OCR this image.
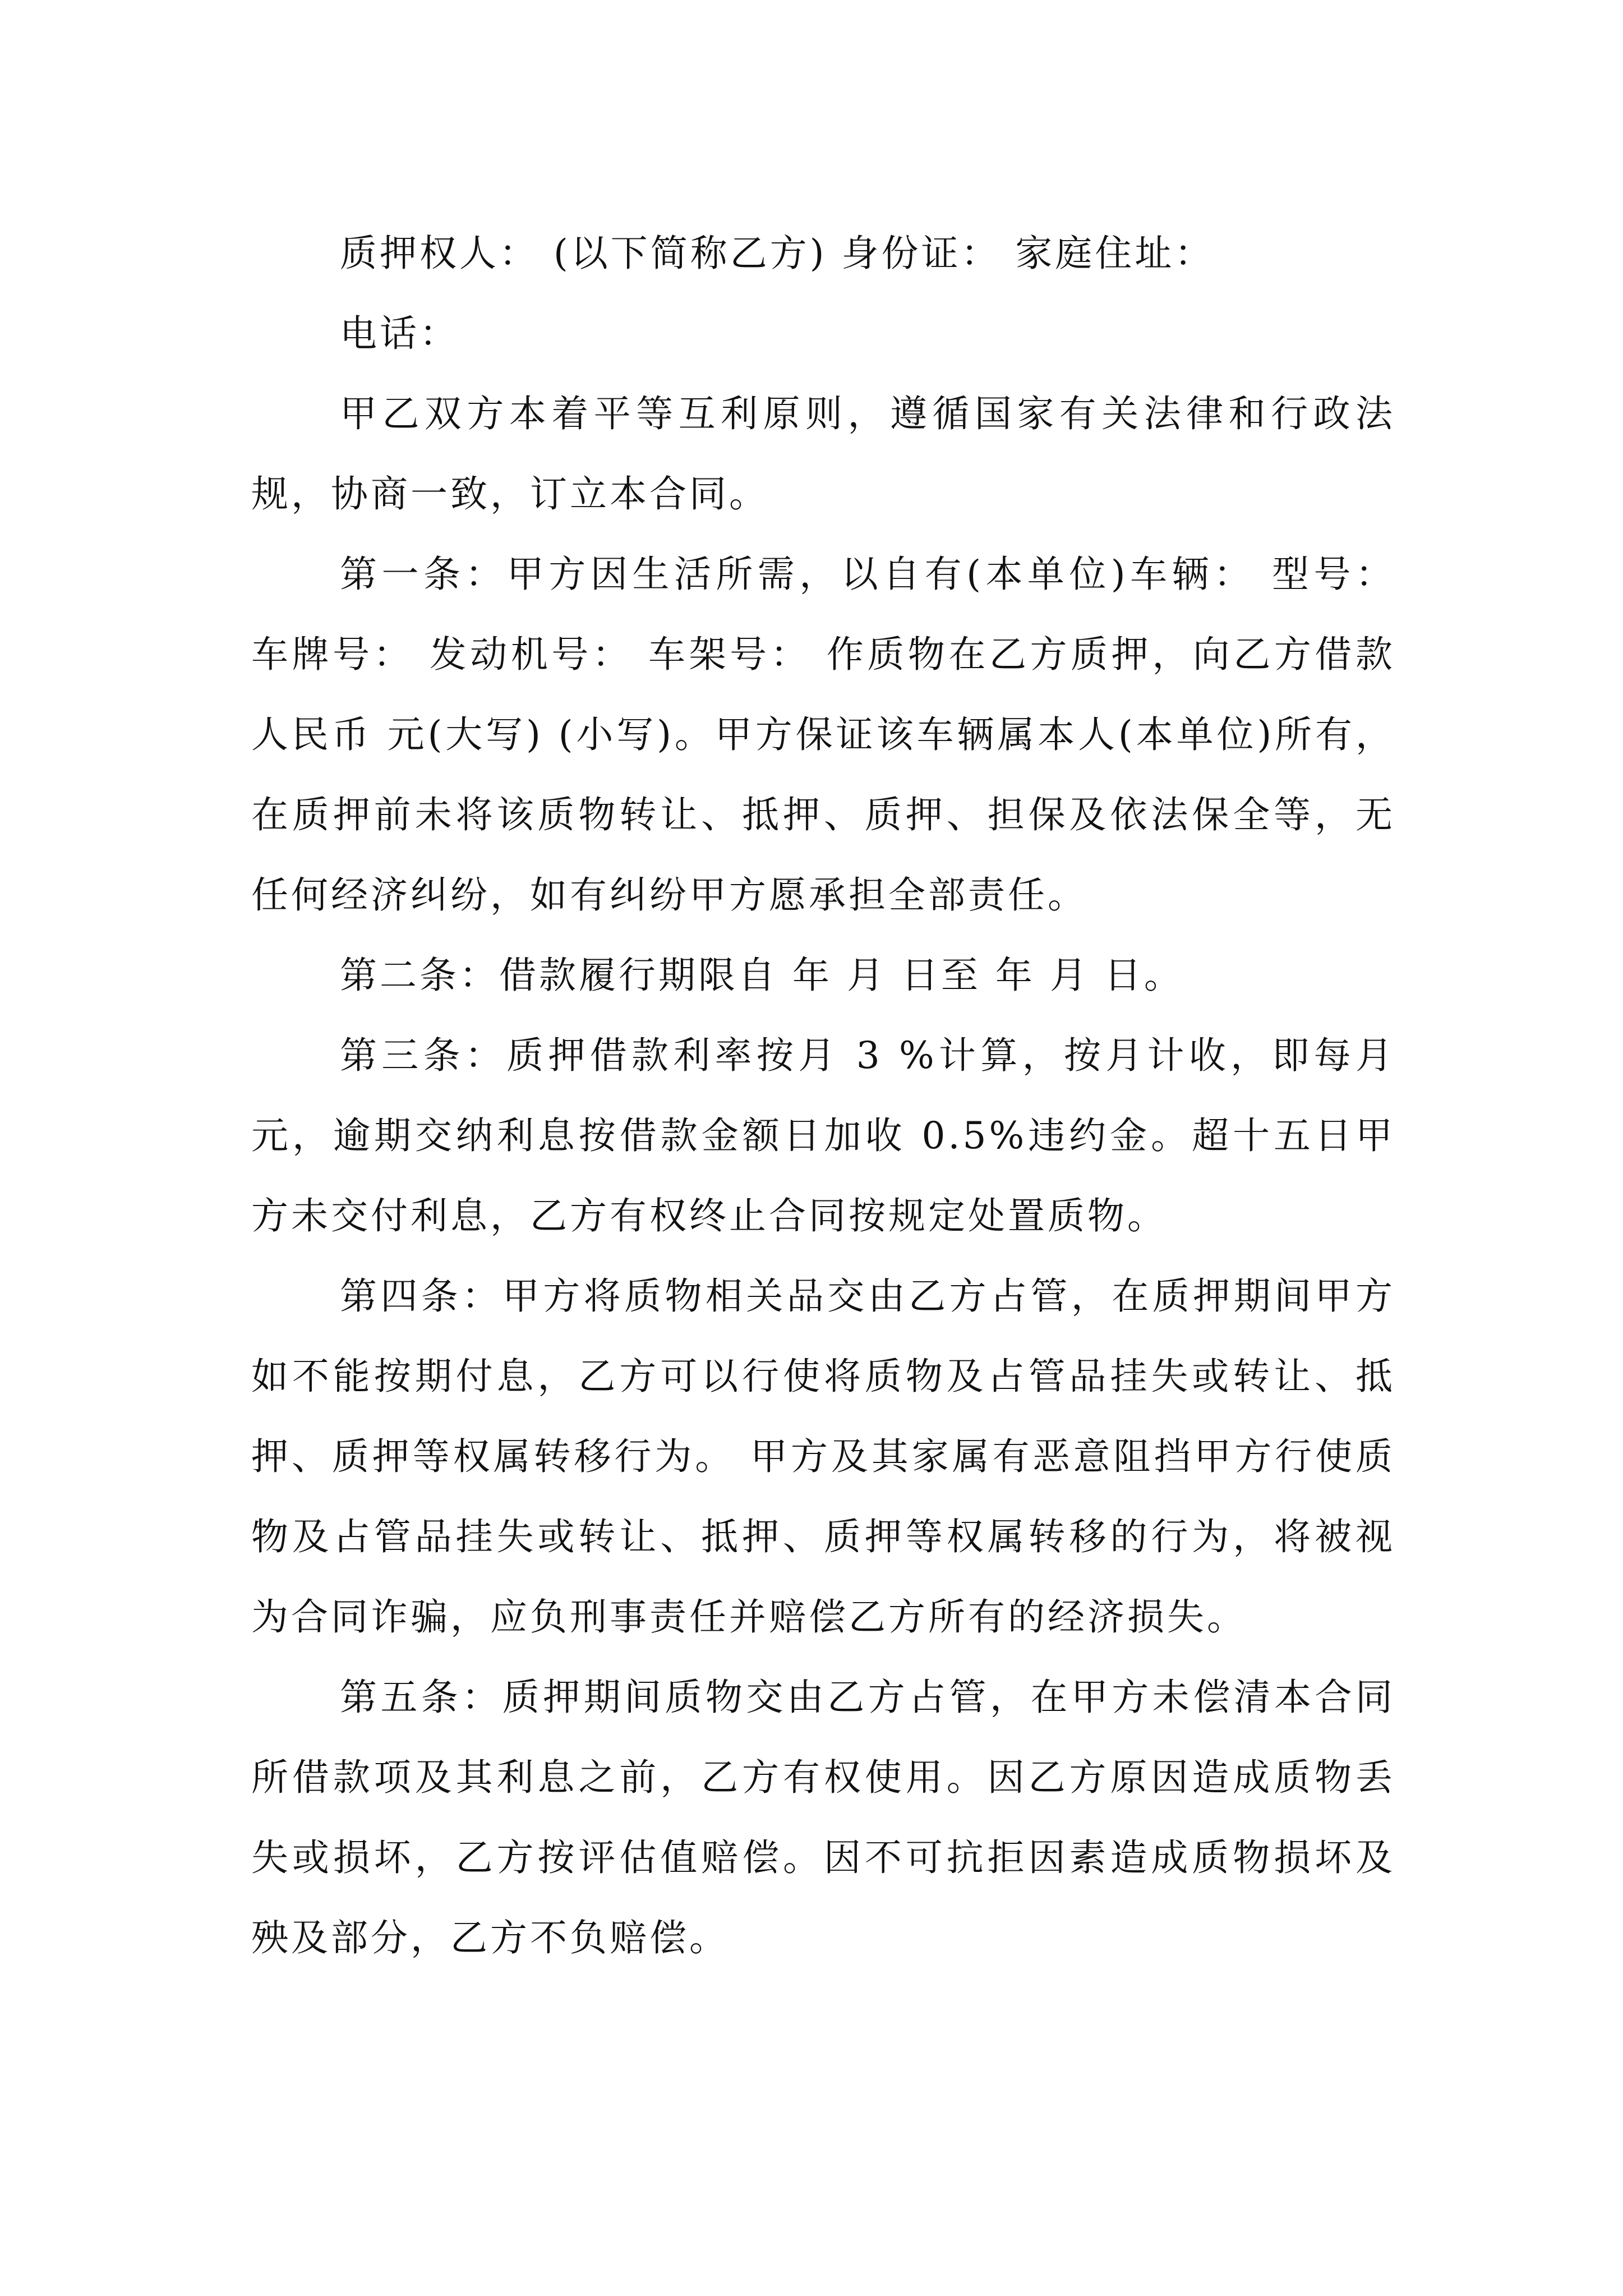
质押权人： (以下简称乙方) 身份证： 家庭住址：

电话：

甲乙双方本着平等互利原则，遵循国家有关法律和行政法规，协商一致，订立本合同。

第一条：甲方因生活所需，以自有(本单位)车辆： 型号： 车牌号： 发动机号： 车架号： 作质物在乙方质押，向乙方借款人民币 元(大写) (小写)。甲方保证该车辆属本人(本单位)所有，在质押前未将该质物转让、抵押、质押、担保及依法保全等，无任何经济纠纷，如有纠纷甲方愿承担全部责任。

第二条：借款履行期限自 年 月 日至 年 月 日。

第三条：质押借款利率按月 3 %计算，按月计收，即每月 元，逾期交纳利息按借款金额日加收 0.5%违约金。超十五日甲方未交付利息，乙方有权终止合同按规定处置质物。

第四条：甲方将质物相关品交由乙方占管，在质押期间甲方如不能按期付息，乙方可以行使将质物及占管品挂失或转让、抵押、质押等权属转移行为。 甲方及其家属有恶意阻挡甲方行使质物及占管品挂失或转让、抵押、质押等权属转移的行为，将被视为合同诈骗，应负刑事责任并赔偿乙方所有的经济损失。

第五条：质押期间质物交由乙方占管，在甲方未偿清本合同所借款项及其利息之前，乙方有权使用。因乙方原因造成质物丢失或损坏，乙方按评估值赔偿。因不可抗拒因素造成质物损坏及殃及部分，乙方不负赔偿。
